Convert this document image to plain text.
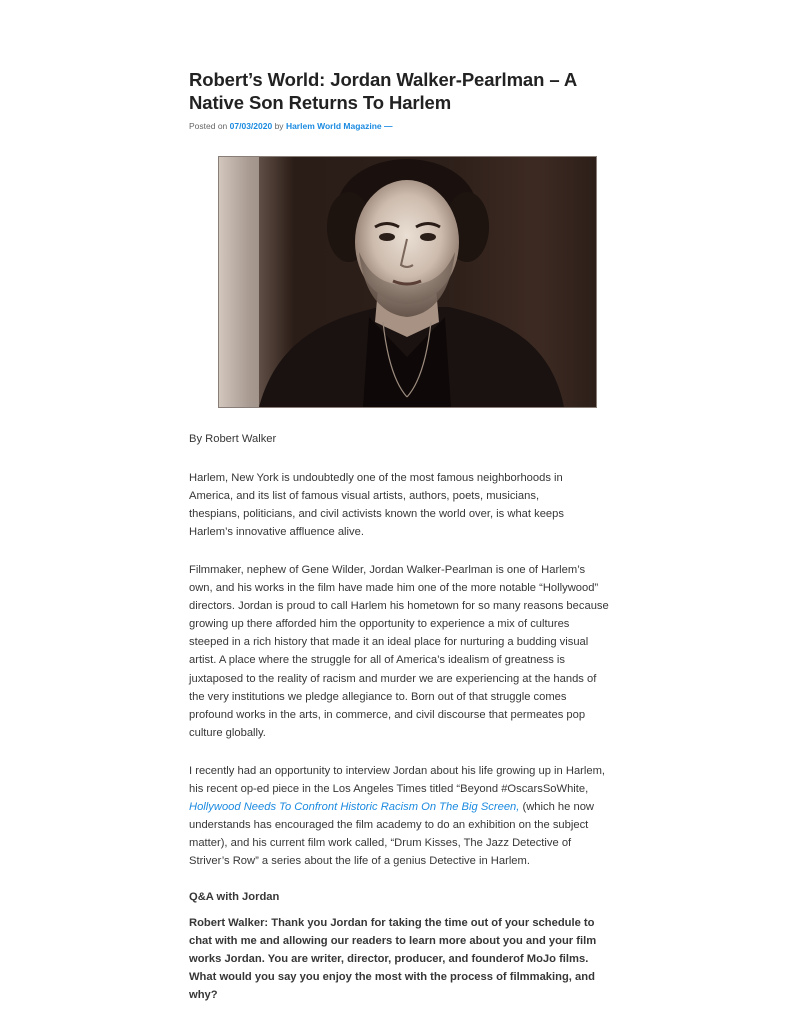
Robert’s World: Jordan Walker-Pearlman – A
Native Son Returns To Harlem
Posted on 07/03/2020 by Harlem World Magazine —

By Robert Walker

Harlem, New York is undoubtedly one of the most famous neighborhoods in
America, and its list of famous visual artists, authors, poets, musicians,
thespians, politicians, and civil activists known the world over, is what keeps
Harlem’s innovative affluence alive.

Filmmaker, nephew of Gene Wilder, Jordan Walker-Pearlman is one of Harlem’s
own, and his works in the film have made him one of the more notable “Hollywood”
directors. Jordan is proud to call Harlem his hometown for so many reasons because
growing up there afforded him the opportunity to experience a mix of cultures
steeped in a rich history that made it an ideal place for nurturing a budding visual
artist. A place where the struggle for all of America’s idealism of greatness is
juxtaposed to the reality of racism and murder we are experiencing at the hands of
the very institutions we pledge allegiance to. Born out of that struggle comes
profound works in the arts, in commerce, and civil discourse that permeates pop
culture globally.

I recently had an opportunity to interview Jordan about his life growing up in Harlem,
his recent op-ed piece in the Los Angeles Times titled “Beyond #OscarsSoWhite,
Hollywood Needs To Confront Historic Racism On The Big Screen, (which he now
understands has encouraged the film academy to do an exhibition on the subject
matter), and his current film work called, “Drum Kisses, The Jazz Detective of
Striver’s Row” a series about the life of a genius Detective in Harlem.

Q&A with Jordan

Robert Walker: Thank you Jordan for taking the time out of your schedule to
chat with me and allowing our readers to learn more about you and your film
works Jordan. You are writer, director, producer, and founderof MoJo films.
What would you say you enjoy the most with the process of filmmaking, and
why?
